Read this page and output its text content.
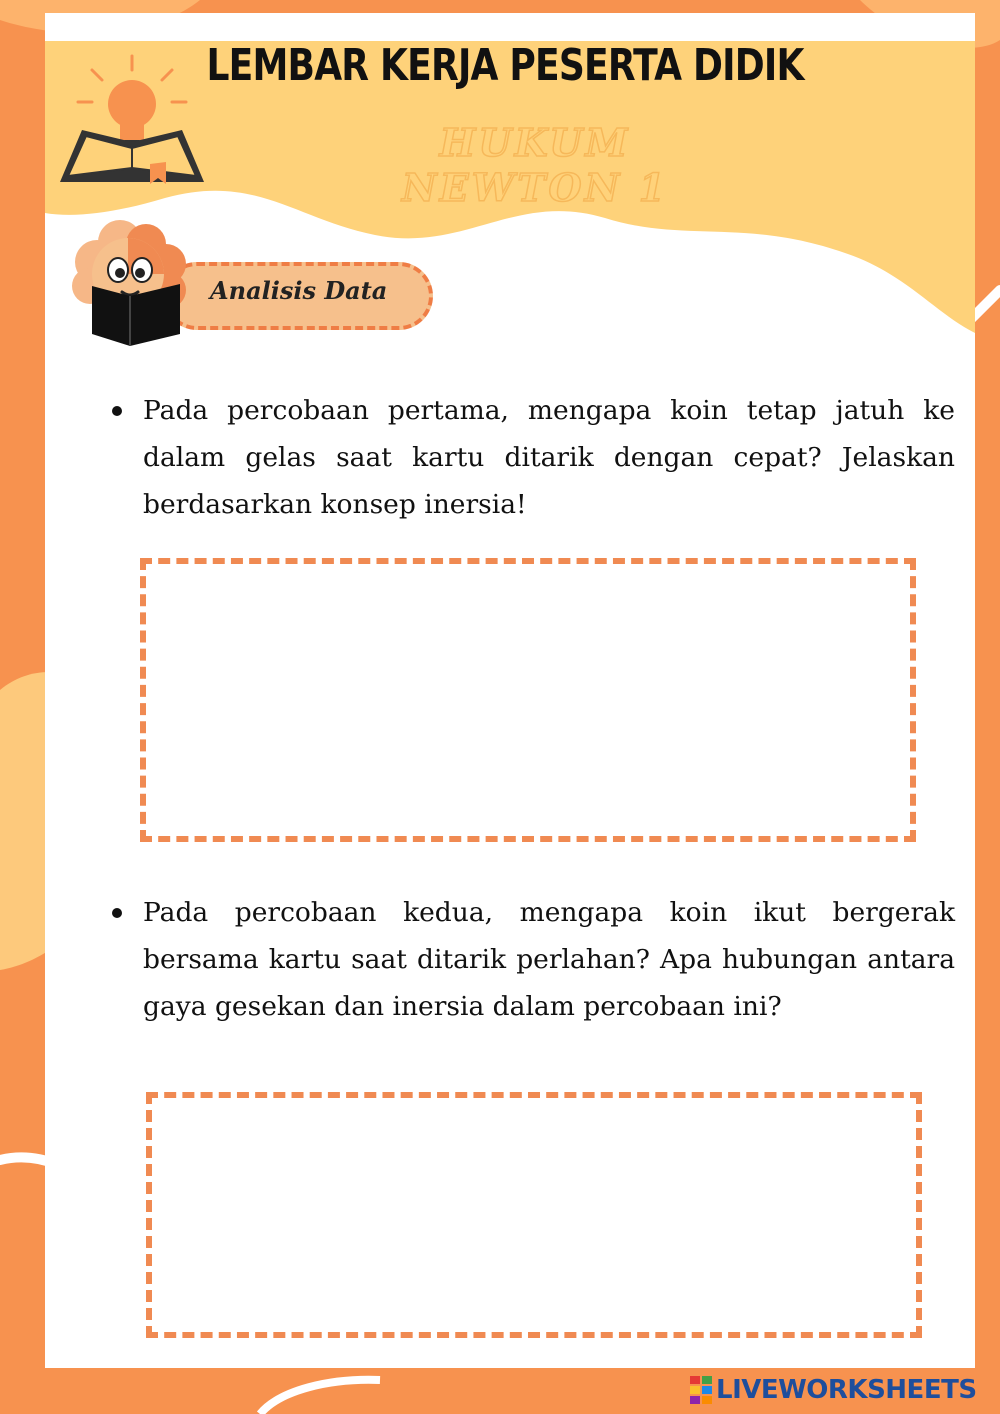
Analisis Data
LEMBAR KERJA PESERTA DIDIK
HUKUM NEWTON 1
Pada percobaan pertama, mengapa koin tetap jatuh ke dalam gelas saat kartu ditarik dengan cepat? Jelaskan berdasarkan konsep inersia!
Pada percobaan kedua, mengapa koin ikut bergerak bersama kartu saat ditarik perlahan? Apa hubungan antara gaya gesekan dan inersia dalam percobaan ini?
LIVEWORKSHEETS
